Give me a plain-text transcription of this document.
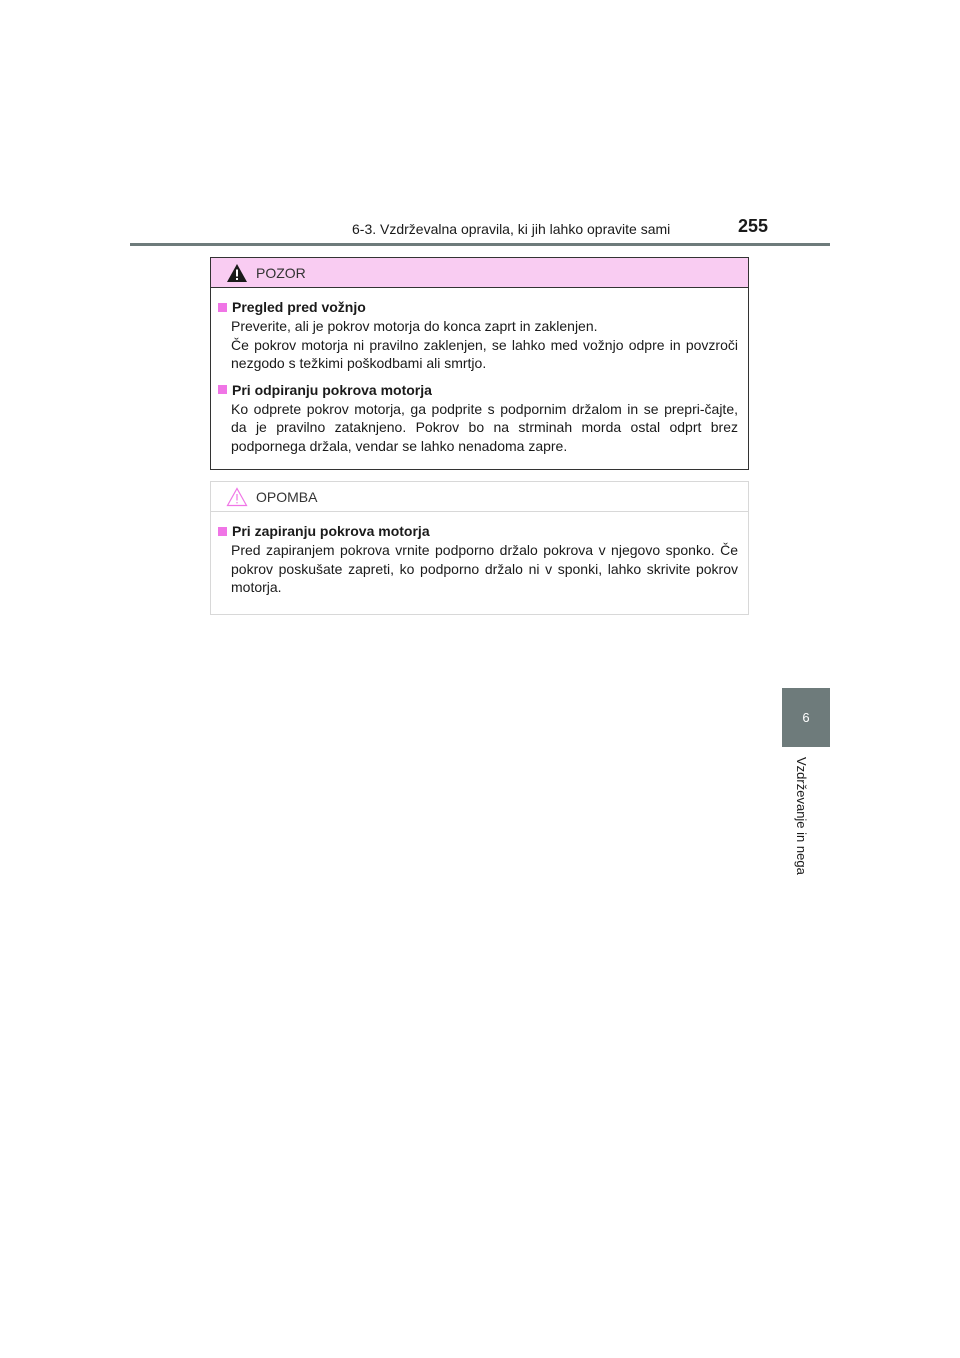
6-3. Vzdrževalna opravila, ki jih lahko opravite sami	255
6
Vzdrževanje in nega
POZOR
Pregled pred vožnjo

Preverite, ali je pokrov motorja do konca zaprt in zaklenjen.

Če pokrov motorja ni pravilno zaklenjen, se lahko med vožnjo odpre in povzroči nezgodo s težkimi poškodbami ali smrtjo.

Pri odpiranju pokrova motorja

Ko odprete pokrov motorja, ga podprite s podpornim držalom in se prepri-čajte, da je pravilno zataknjeno. Pokrov bo na strminah morda ostal odprt brez podpornega držala, vendar se lahko nenadoma zapre.

OPOMBA
Pri zapiranju pokrova motorja

Pred zapiranjem pokrova vrnite podporno držalo pokrova v njegovo sponko. Če pokrov poskušate zapreti, ko podporno držalo ni v sponki, lahko skrivite pokrov motorja.
